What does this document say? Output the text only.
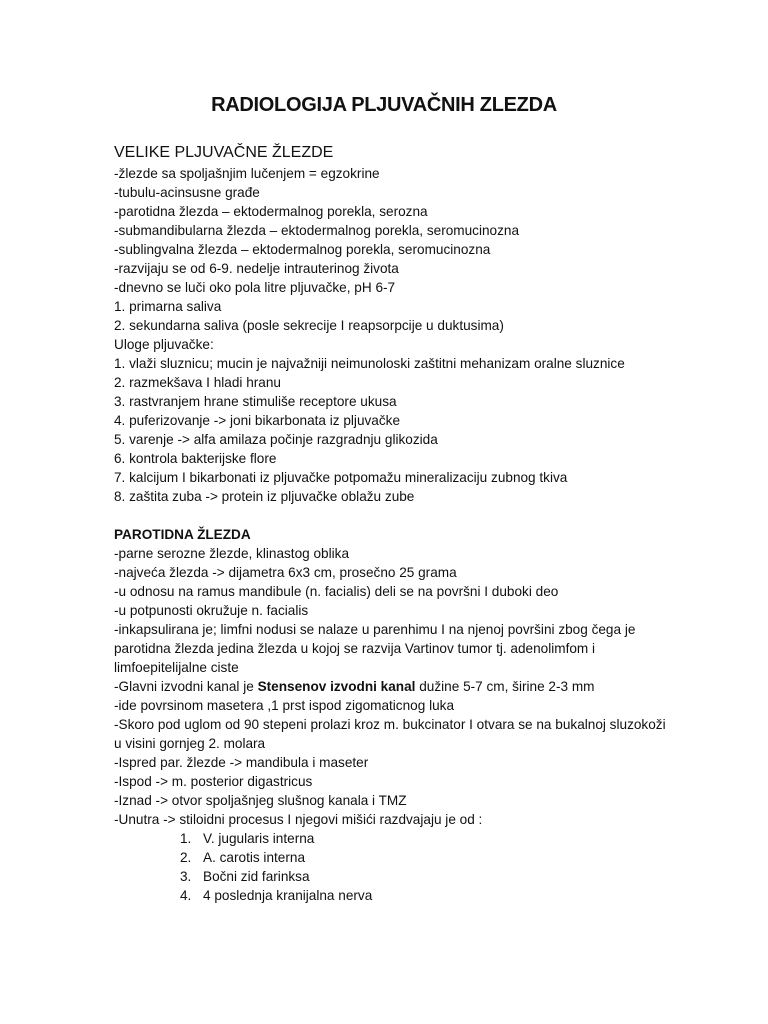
RADIOLOGIJA PLJUVAČNIH ZLEZDA

VELIKE PLJUVAČNE ŽLEZDE

-žlezde sa spoljašnjim lučenjem = egzokrine

-tubulu-acinsusne građe

-parotidna žlezda – ektodermalnog porekla, serozna

-submandibularna žlezda – ektodermalnog porekla, seromucinozna

-sublingvalna žlezda – ektodermalnog porekla, seromucinozna

-razvijaju se od 6-9. nedelje intrauterinog života

-dnevno se luči oko pola litre pljuvačke, pH 6-7

1. primarna saliva

2. sekundarna saliva (posle sekrecije I reapsorpcije u duktusima)

Uloge pljuvačke:

1. vlaži sluznicu; mucin je najvažniji neimunoloski zaštitni mehanizam oralne sluznice

2. razmekšava I hladi hranu

3. rastvranjem hrane stimuliše receptore ukusa

4. puferizovanje -> joni bikarbonata iz pljuvačke

5. varenje -> alfa amilaza počinje razgradnju glikozida

6. kontrola bakterijske flore

7. kalcijum I bikarbonati iz pljuvačke potpomažu mineralizaciju zubnog tkiva

8. zaštita zuba -> protein iz pljuvačke oblažu zube

PAROTIDNA ŽLEZDA

-parne serozne žlezde, klinastog oblika

-najveća žlezda -> dijametra 6x3 cm, prosečno 25 grama

-u odnosu na ramus mandibule (n. facialis) deli se na površni I duboki deo

-u potpunosti okružuje n. facialis

-inkapsulirana je; limfni nodusi se nalaze u parenhimu I na njenoj površini zbog čega je parotidna žlezda jedina žlezda u kojoj se razvija Vartinov tumor tj. adenolimfom i limfoepitelijalne ciste

-Glavni izvodni kanal je Stensenov izvodni kanal dužine 5-7 cm, širine 2-3 mm

-ide povrsinom masetera ,1 prst ispod zigomaticnog luka

-Skoro pod uglom od 90 stepeni prolazi kroz m. bukcinator I otvara se na bukalnoj sluzokoži u visini gornjeg 2. molara

-Ispred par. žlezde -> mandibula i maseter

-Ispod -> m. posterior digastricus

-Iznad -> otvor spoljašnjeg slušnog kanala i TMZ

-Unutra -> stiloidni procesus I njegovi mišići razdvajaju je od :

1. V. jugularis interna
2. A. carotis interna
3. Bočni zid farinksa
4. 4 poslednja kranijalna nerva
